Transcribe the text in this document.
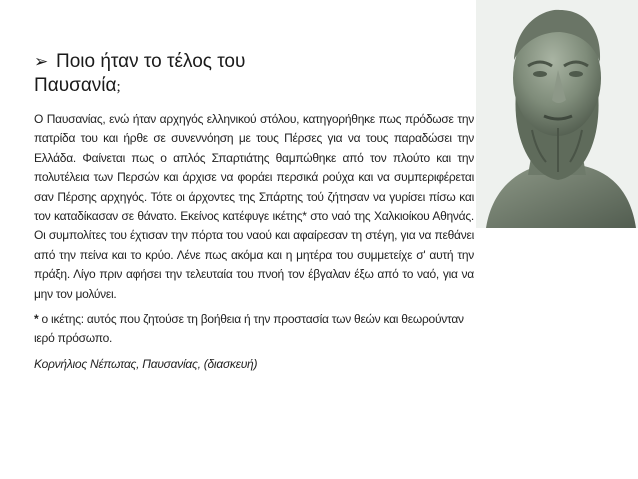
➢ Ποιο ήταν το τέλος του
Παυσανία;

Ο Παυσανίας, ενώ ήταν αρχηγός ελληνικού στόλου, κατηγορήθηκε πως πρόδωσε την πατρίδα του και ήρθε σε συνεννόηση με τους Πέρσες για να τους παραδώσει την Ελλάδα. Φαίνεται πως ο απλός Σπαρτιάτης θαμπώθηκε από τον πλούτο και την πολυτέλεια των Περσών και άρχισε να φοράει περσικά ρούχα και να συμπεριφέρεται σαν Πέρσης αρχηγός. Τότε οι άρχοντες της Σπάρτης τού ζήτησαν να γυρίσει πίσω και τον καταδίκασαν σε θάνατο. Εκείνος κατέφυγε ικέτης* στο ναό της Χαλκιοίκου Αθηνάς. Οι συμπολίτες του έχτισαν την πόρτα του ναού και αφαίρεσαν τη στέγη, για να πεθάνει από την πείνα και το κρύο. Λένε πως ακόμα και η μητέρα του συμμετείχε σ' αυτή την πράξη. Λίγο πριν αφήσει την τελευταία του πνοή τον έβγαλαν έξω από το ναό, για να μην τον μολύνει.

* ο ικέτης: αυτός που ζητούσε τη βοήθεια ή την προστασία των θεών και θεωρούνταν ιερό πρόσωπο.

Κορνήλιος Νέπωτας, Παυσανίας, (διασκευή)
